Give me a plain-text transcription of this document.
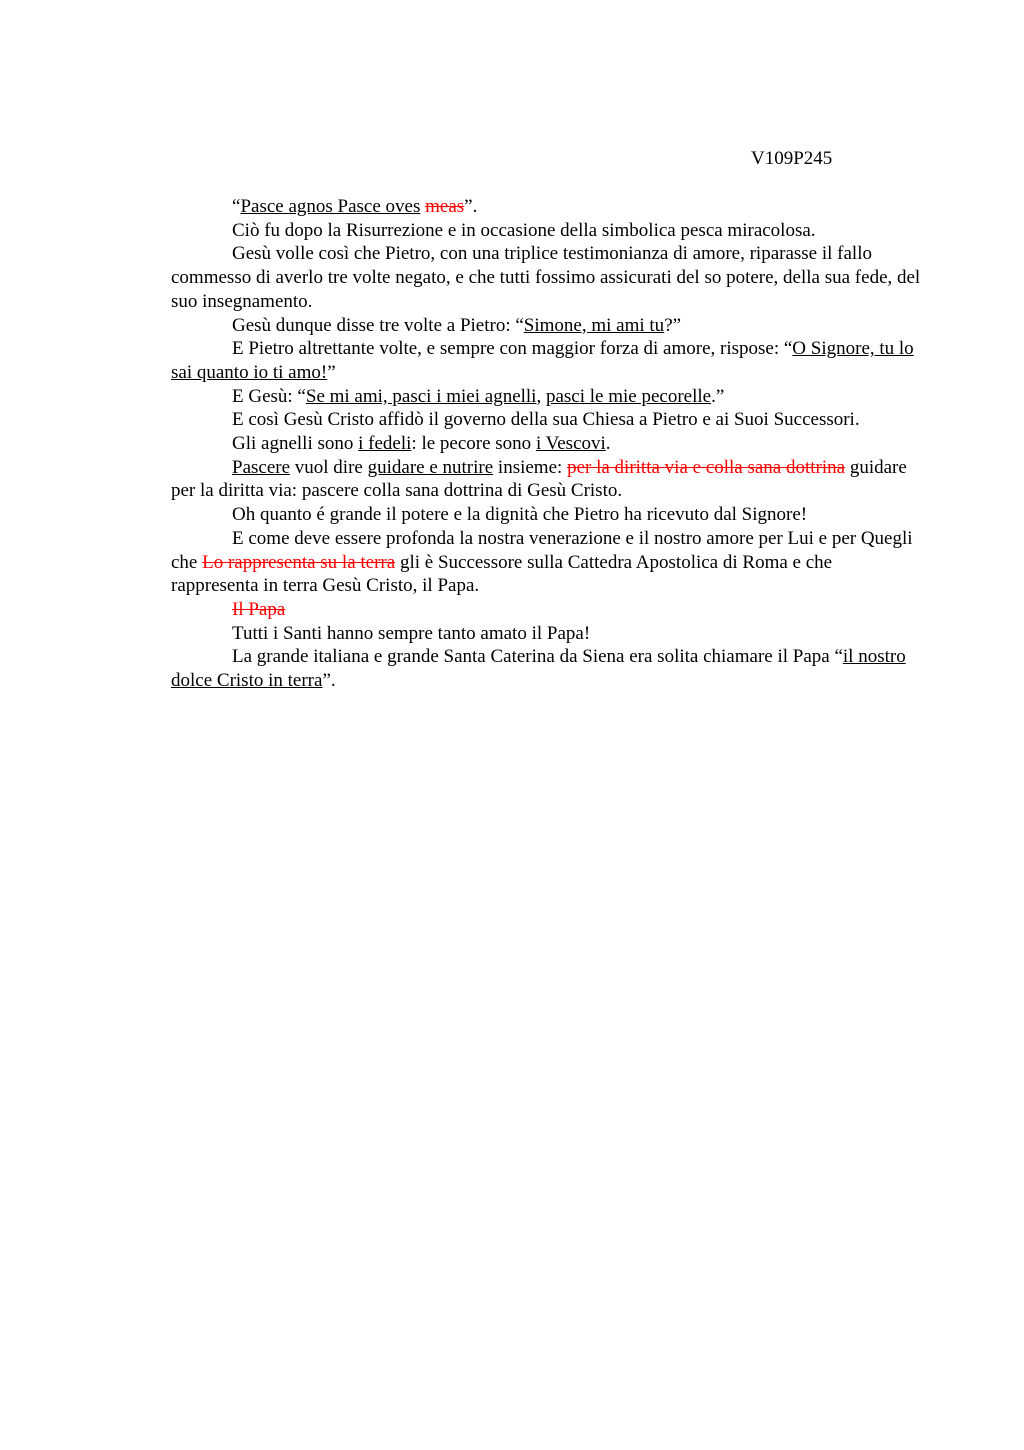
V109P245

“Pasce agnos Pasce oves meas”.

Ciò fu dopo la Risurrezione e in occasione della simbolica pesca miracolosa.

Gesù volle così che Pietro, con una triplice testimonianza di amore, riparasse il fallo commesso di averlo tre volte negato, e che tutti fossimo assicurati del so potere, della sua fede, del suo insegnamento.

Gesù dunque disse tre volte a Pietro: “Simone, mi ami tu?”

E Pietro altrettante volte, e sempre con maggior forza di amore, rispose: “O Signore, tu lo sai quanto io ti amo!”

E Gesù: “Se mi ami, pasci i miei agnelli, pasci le mie pecorelle.”

E così Gesù Cristo affidò il governo della sua Chiesa a Pietro e ai Suoi Successori.

Gli agnelli sono i fedeli: le pecore sono i Vescovi.

Pascere vuol dire guidare e nutrire insieme: per la diritta via e colla sana dottrina guidare per la diritta via: pascere colla sana dottrina di Gesù Cristo.

Oh quanto é grande il potere e la dignità che Pietro ha ricevuto dal Signore!

E come deve essere profonda la nostra venerazione e il nostro amore per Lui e per Quegli che Lo rappresenta su la terra gli è Successore sulla Cattedra Apostolica di Roma e che rappresenta in terra Gesù Cristo, il Papa.

Il Papa

Tutti i Santi hanno sempre tanto amato il Papa!

La grande italiana e grande Santa Caterina da Siena era solita chiamare il Papa “il nostro dolce Cristo in terra”.
